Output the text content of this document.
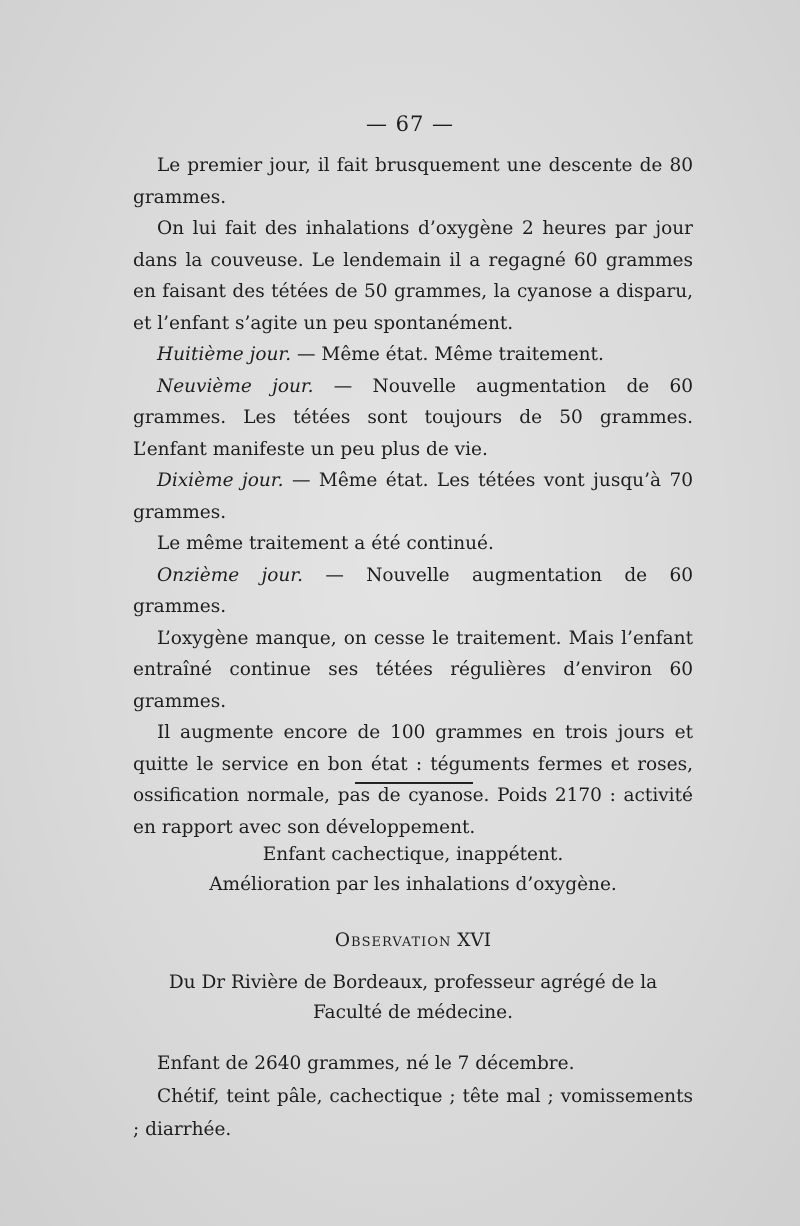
— 67 —

Le premier jour, il fait brusquement une descente de 80 grammes.

On lui fait des inhalations d’oxygène 2 heures par jour dans la couveuse. Le lendemain il a regagné 60 grammes en faisant des tétées de 50 grammes, la cyanose a disparu, et l’enfant s’agite un peu spontanément.

Huitième jour. — Même état. Même traitement.

Neuvième jour. — Nouvelle augmentation de 60 grammes. Les tétées sont toujours de 50 grammes. L’enfant manifeste un peu plus de vie.

Dixième jour. — Même état. Les tétées vont jusqu’à 70 grammes.

Le même traitement a été continué.

Onzième jour. — Nouvelle augmentation de 60 grammes.

L’oxygène manque, on cesse le traitement. Mais l’enfant entraîné continue ses tétées régulières d’environ 60 grammes.

Il augmente encore de 100 grammes en trois jours et quitte le service en bon état : téguments fermes et roses, ossification normale, pas de cyanose. Poids 2170 : activité en rapport avec son développement.

Enfant cachectique, inappétent.
Amélioration par les inhalations d’oxygène.
Observation XVI
Du Dr Rivière de Bordeaux, professeur agrégé de la Faculté de médecine.

Enfant de 2640 grammes, né le 7 décembre.

Chétif, teint pâle, cachectique ; tête mal ; vomissements ; diarrhée.
